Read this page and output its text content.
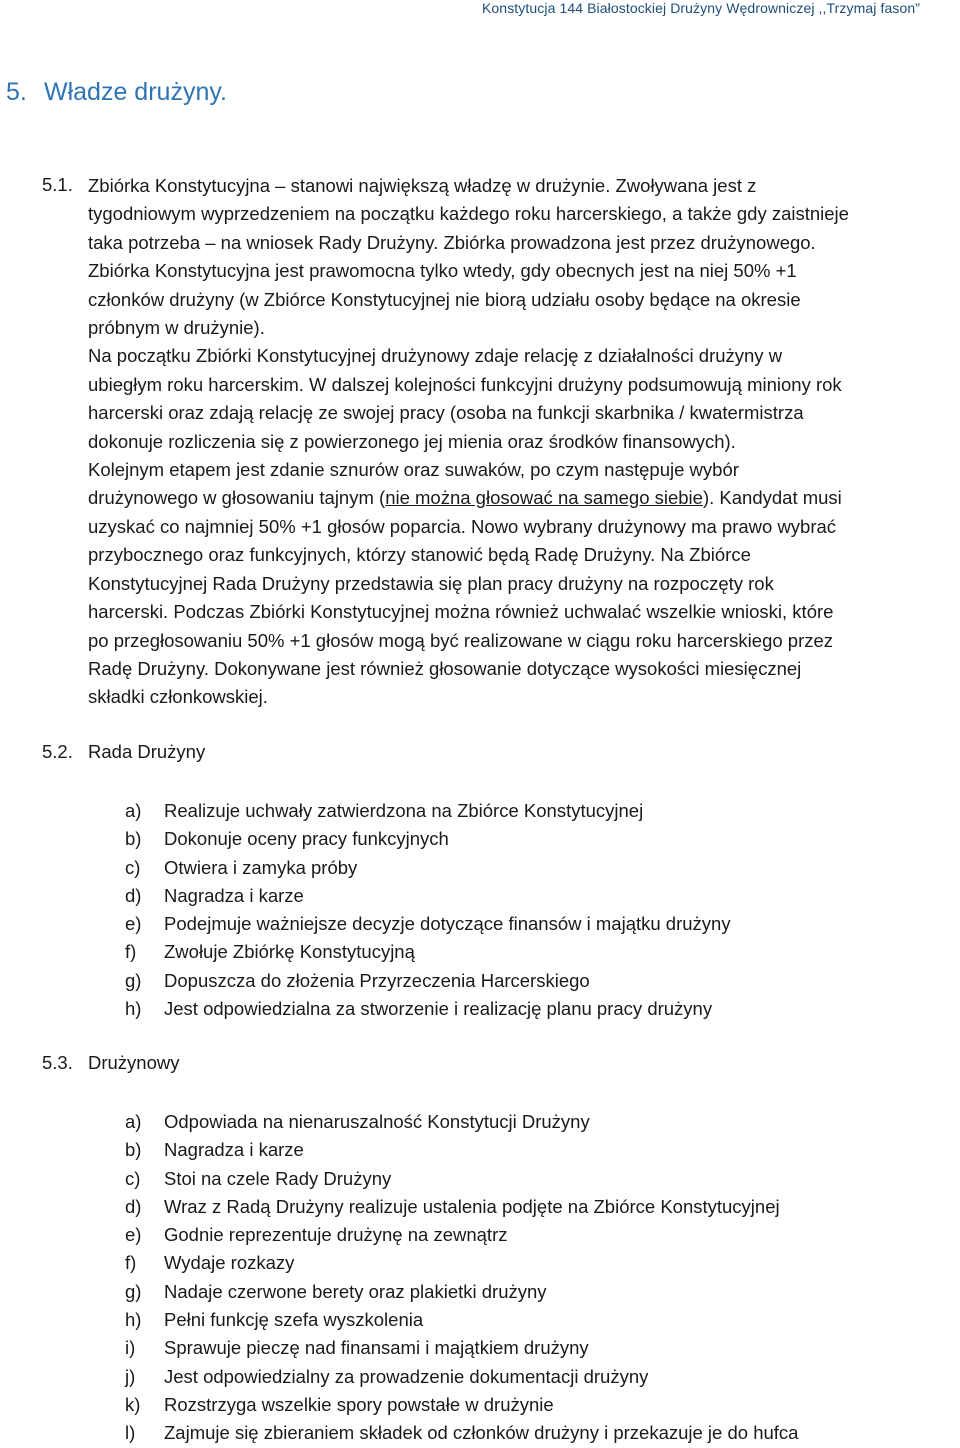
Konstytucja 144 Białostockiej Drużyny Wędrowniczej ,,Trzymaj fason”
5. Władze drużyny.
5.1. Zbiórka Konstytucyjna – stanowi największą władzę w drużynie. Zwoływana jest z
tygodniowym wyprzedzeniem na początku każdego roku harcerskiego, a także gdy zaistnieje
taka potrzeba – na wniosek Rady Drużyny. Zbiórka prowadzona jest przez drużynowego.
Zbiórka Konstytucyjna jest prawomocna tylko wtedy, gdy obecnych jest na niej 50% +1
członków drużyny (w Zbiórce Konstytucyjnej nie biorą udziału osoby będące na okresie
próbnym w drużynie).

Na początku Zbiórki Konstytucyjnej drużynowy zdaje relację z działalności drużyny w
ubiegłym roku harcerskim. W dalszej kolejności funkcyjni drużyny podsumowują miniony rok
harcerski oraz zdają relację ze swojej pracy (osoba na funkcji skarbnika / kwatermistrza
dokonuje rozliczenia się z powierzonego jej mienia oraz środków finansowych).

Kolejnym etapem jest zdanie sznurów oraz suwaków, po czym następuje wybór
drużynowego w głosowaniu tajnym (nie można głosować na samego siebie). Kandydat musi
uzyskać co najmniej 50% +1 głosów poparcia. Nowo wybrany drużynowy ma prawo wybrać
przybocznego oraz funkcyjnych, którzy stanowić będą Radę Drużyny. Na Zbiórce
Konstytucyjnej Rada Drużyny przedstawia się plan pracy drużyny na rozpoczęty rok
harcerski. Podczas Zbiórki Konstytucyjnej można również uchwalać wszelkie wnioski, które
po przegłosowaniu 50% +1 głosów mogą być realizowane w ciągu roku harcerskiego przez
Radę Drużyny. Dokonywane jest również głosowanie dotyczące wysokości miesięcznej
składki członkowskiej.

5.2. Rada Drużyny
a)	Realizuje uchwały zatwierdzona na Zbiórce Konstytucyjnej
b)	Dokonuje oceny pracy funkcyjnych
c)	Otwiera i zamyka próby
d)	Nagradza i karze
e)	Podejmuje ważniejsze decyzje dotyczące finansów i majątku drużyny
f)	Zwołuje Zbiórkę Konstytucyjną
g)	Dopuszcza do złożenia Przyrzeczenia Harcerskiego
h)	Jest odpowiedzialna za stworzenie i realizację planu pracy drużyny
5.3. Drużynowy
a)	Odpowiada na nienaruszalność Konstytucji Drużyny
b)	Nagradza i karze
c)	Stoi na czele Rady Drużyny
d)	Wraz z Radą Drużyny realizuje ustalenia podjęte na Zbiórce Konstytucyjnej
e)	Godnie reprezentuje drużynę na zewnątrz
f)	Wydaje rozkazy
g)	Nadaje czerwone berety oraz plakietki drużyny
h)	Pełni funkcję szefa wyszkolenia
i)	Sprawuje pieczę nad finansami i majątkiem drużyny
j)	Jest odpowiedzialny za prowadzenie dokumentacji drużyny
k)	Rozstrzyga wszelkie spory powstałe w drużynie
l)	Zajmuje się zbieraniem składek od członków drużyny i przekazuje je do hufca
